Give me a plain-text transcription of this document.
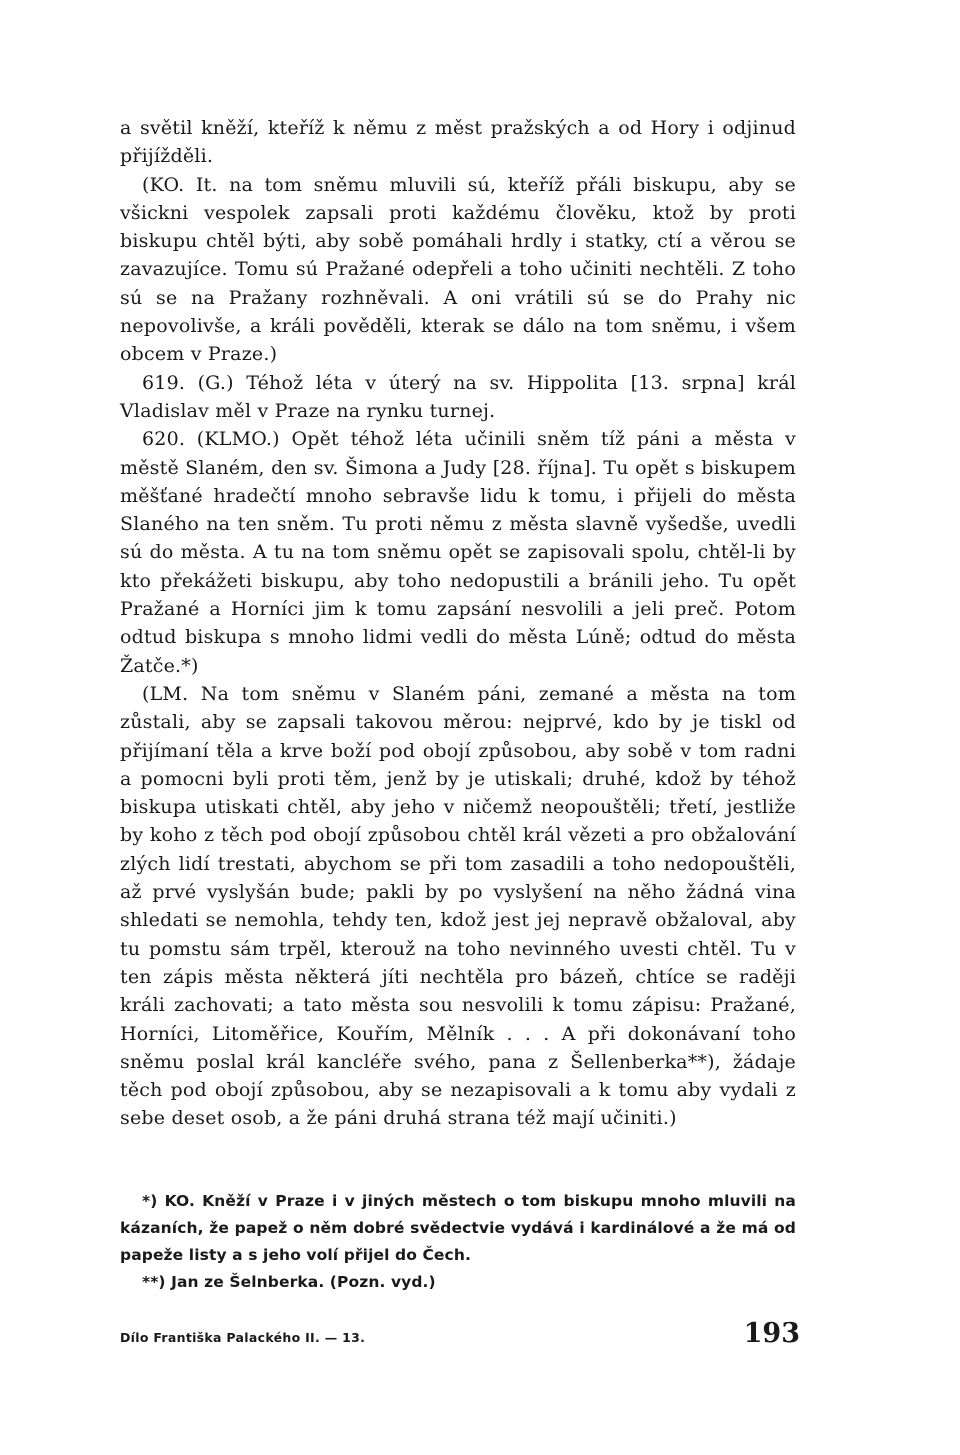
a světil kněží, kteříž k němu z měst pražských a od Hory i odjinud přijížděli.

(KO. It. na tom sněmu mluvili sú, kteříž přáli biskupu, aby se všickni vespolek zapsali proti každému člověku, ktož by proti biskupu chtěl býti, aby sobě pomáhali hrdly i statky, ctí a věrou se zavazujíce. Tomu sú Pražané odepřeli a toho učiniti nechtěli. Z toho sú se na Pražany rozhněvali. A oni vrátili sú se do Prahy nic nepovolivše, a králi pověděli, kterak se dálo na tom sněmu, i všem obcem v Praze.)

619. (G.) Téhož léta v úterý na sv. Hippolita [13. srpna] král Vladislav měl v Praze na rynku turnej.

620. (KLMO.) Opět téhož léta učinili sněm tíž páni a města v městě Slaném, den sv. Šimona a Judy [28. října]. Tu opět s biskupem měšťané hradečtí mnoho sebravše lidu k tomu, i přijeli do města Slaného na ten sněm. Tu proti němu z města slavně vyšedše, uvedli sú do města. A tu na tom sněmu opět se zapisovali spolu, chtěl-li by kto překážeti biskupu, aby toho nedopustili a bránili jeho. Tu opět Pražané a Horníci jim k tomu zapsání nesvolili a jeli preč. Potom odtud biskupa s mnoho lidmi vedli do města Lúně; odtud do města Žatče.*)

(LM. Na tom sněmu v Slaném páni, zemané a města na tom zůstali, aby se zapsali takovou měrou: nejprvé, kdo by je tiskl od přijímaní těla a krve boží pod obojí způsobou, aby sobě v tom radni a pomocni byli proti těm, jenž by je utiskali; druhé, kdož by téhož biskupa utiskati chtěl, aby jeho v ničemž neopouštěli; třetí, jestližе by koho z těch pod obojí způsobou chtěl král vězeti a pro obžalování zlých lidí trestati, abychom se při tom zasadili a toho nedopouštěli, až prvé vyslyšán bude; pakli by po vyslyšení na něho žádná vina shledati se nemohla, tehdy ten, kdož jest jej nepravě obžaloval, aby tu pomstu sám trpěl, kterouž na toho nevinného uvesti chtěl. Tu v ten zápis města některá jíti nechtěla pro bázeň, chtíce se raději králi zachovati; a tato města sou nesvolili k tomu zápisu: Pražané, Horníci, Litoměřice, Kouřím, Mělník . . . A při dokonávaní toho sněmu poslal král kancléře svého, pana z Šellenberka**), žádaje těch pod obojí způsobou, aby se nezapisovali a k tomu aby vydali z sebe deset osob, a že páni druhá strana též mají učiniti.)

*) KO. Kněží v Praze i v jiných městech o tom biskupu mnoho mluvili na kázaních, že papež o něm dobré svědectvie vydává i kardinálové a že má od papeže listy a s jeho volí přijel do Čech.

**) Jan ze Šelnberka. (Pozn. vyd.)

Dílo Františka Palackého II. — 13.	193
